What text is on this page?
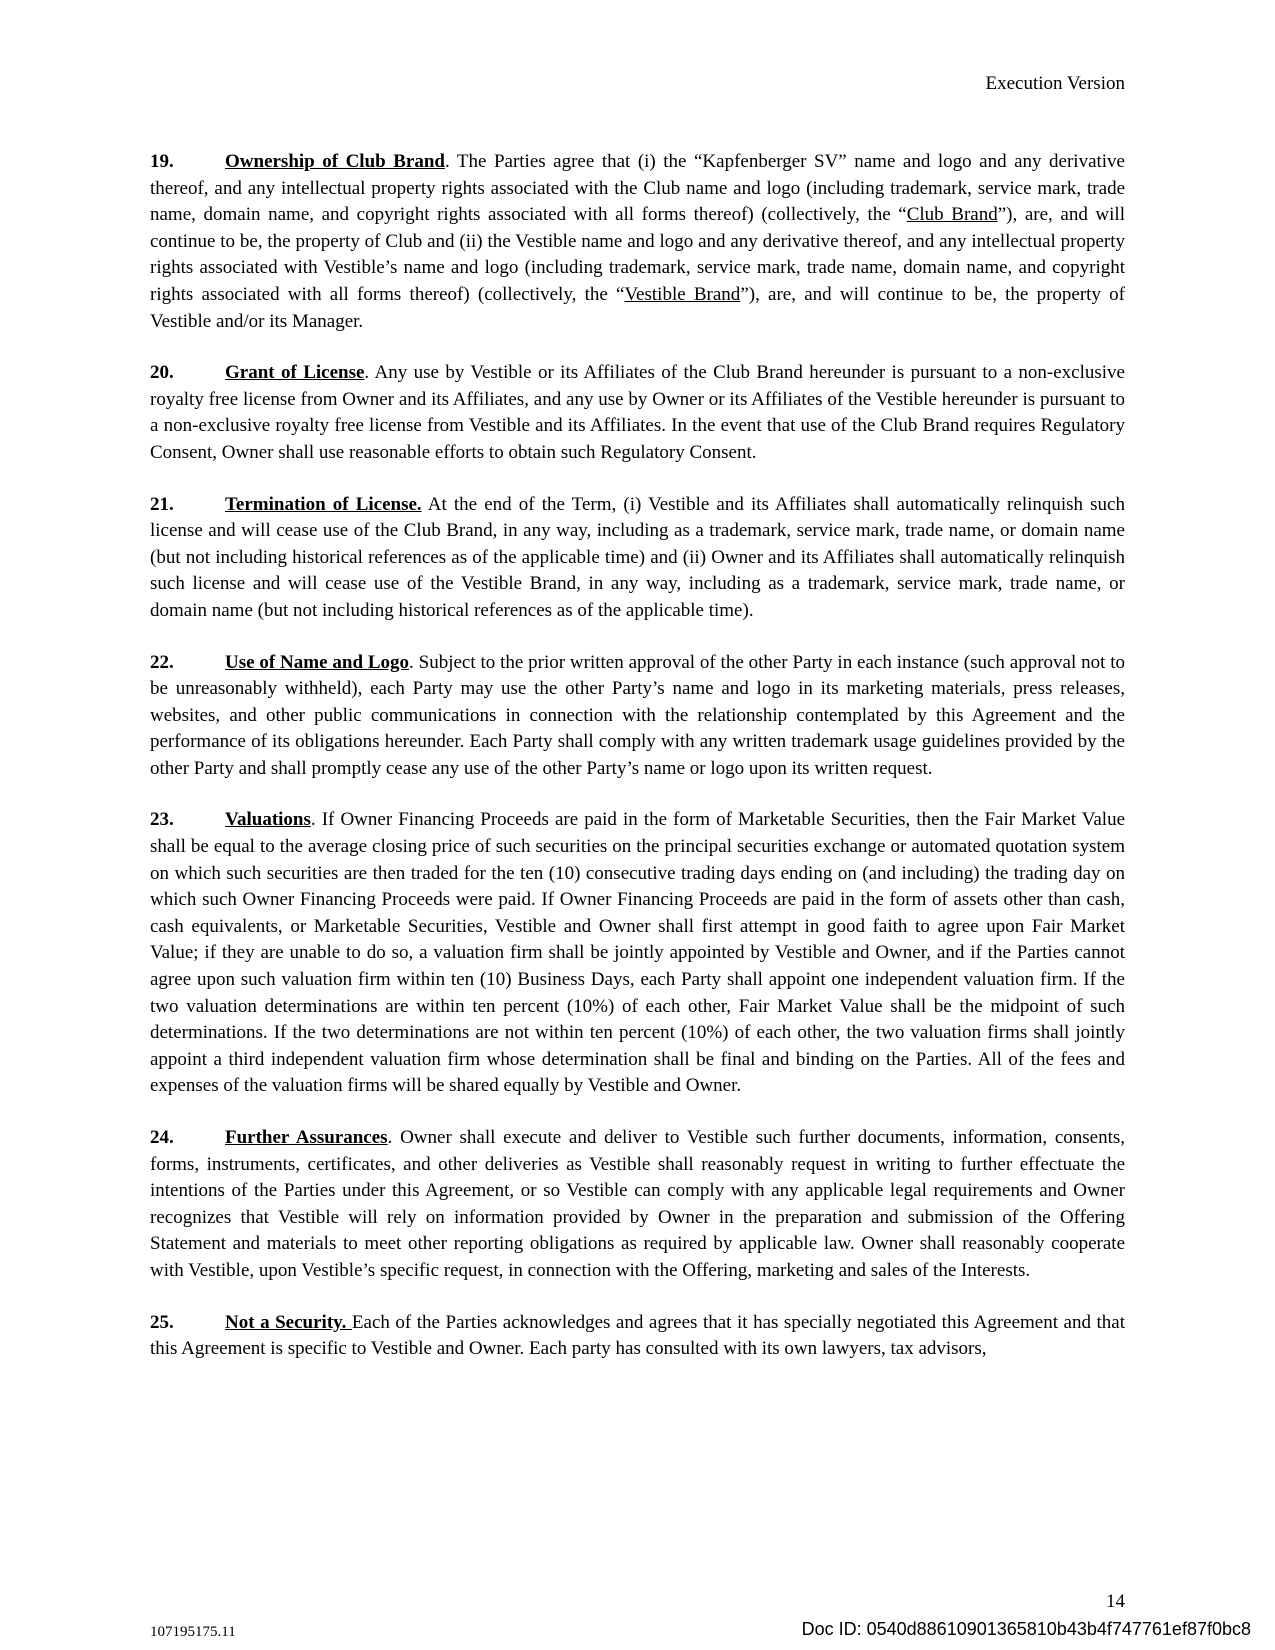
Execution Version

19.	Ownership of Club Brand. The Parties agree that (i) the “Kapfenberger SV” name and logo and any derivative thereof, and any intellectual property rights associated with the Club name and logo (including trademark, service mark, trade name, domain name, and copyright rights associated with all forms thereof) (collectively, the “Club Brand”), are, and will continue to be, the property of Club and (ii) the Vestible name and logo and any derivative thereof, and any intellectual property rights associated with Vestible’s name and logo (including trademark, service mark, trade name, domain name, and copyright rights associated with all forms thereof) (collectively, the “Vestible Brand”), are, and will continue to be, the property of Vestible and/or its Manager.

20.	Grant of License. Any use by Vestible or its Affiliates of the Club Brand hereunder is pursuant to a non-exclusive royalty free license from Owner and its Affiliates, and any use by Owner or its Affiliates of the Vestible hereunder is pursuant to a non-exclusive royalty free license from Vestible and its Affiliates. In the event that use of the Club Brand requires Regulatory Consent, Owner shall use reasonable efforts to obtain such Regulatory Consent.

21.	Termination of License. At the end of the Term, (i) Vestible and its Affiliates shall automatically relinquish such license and will cease use of the Club Brand, in any way, including as a trademark, service mark, trade name, or domain name (but not including historical references as of the applicable time) and (ii) Owner and its Affiliates shall automatically relinquish such license and will cease use of the Vestible Brand, in any way, including as a trademark, service mark, trade name, or domain name (but not including historical references as of the applicable time).

22.	Use of Name and Logo. Subject to the prior written approval of the other Party in each instance (such approval not to be unreasonably withheld), each Party may use the other Party’s name and logo in its marketing materials, press releases, websites, and other public communications in connection with the relationship contemplated by this Agreement and the performance of its obligations hereunder. Each Party shall comply with any written trademark usage guidelines provided by the other Party and shall promptly cease any use of the other Party’s name or logo upon its written request.

23.	Valuations. If Owner Financing Proceeds are paid in the form of Marketable Securities, then the Fair Market Value shall be equal to the average closing price of such securities on the principal securities exchange or automated quotation system on which such securities are then traded for the ten (10) consecutive trading days ending on (and including) the trading day on which such Owner Financing Proceeds were paid. If Owner Financing Proceeds are paid in the form of assets other than cash, cash equivalents, or Marketable Securities, Vestible and Owner shall first attempt in good faith to agree upon Fair Market Value; if they are unable to do so, a valuation firm shall be jointly appointed by Vestible and Owner, and if the Parties cannot agree upon such valuation firm within ten (10) Business Days, each Party shall appoint one independent valuation firm. If the two valuation determinations are within ten percent (10%) of each other, Fair Market Value shall be the midpoint of such determinations. If the two determinations are not within ten percent (10%) of each other, the two valuation firms shall jointly appoint a third independent valuation firm whose determination shall be final and binding on the Parties. All of the fees and expenses of the valuation firms will be shared equally by Vestible and Owner.

24.	Further Assurances. Owner shall execute and deliver to Vestible such further documents, information, consents, forms, instruments, certificates, and other deliveries as Vestible shall reasonably request in writing to further effectuate the intentions of the Parties under this Agreement, or so Vestible can comply with any applicable legal requirements and Owner recognizes that Vestible will rely on information provided by Owner in the preparation and submission of the Offering Statement and materials to meet other reporting obligations as required by applicable law. Owner shall reasonably cooperate with Vestible, upon Vestible’s specific request, in connection with the Offering, marketing and sales of the Interests.

25.	Not a Security. Each of the Parties acknowledges and agrees that it has specially negotiated this Agreement and that this Agreement is specific to Vestible and Owner. Each party has consulted with its own lawyers, tax advisors,

14
107195175.11	Doc ID: 0540d88610901365810b43b4f747761ef87f0bc8
